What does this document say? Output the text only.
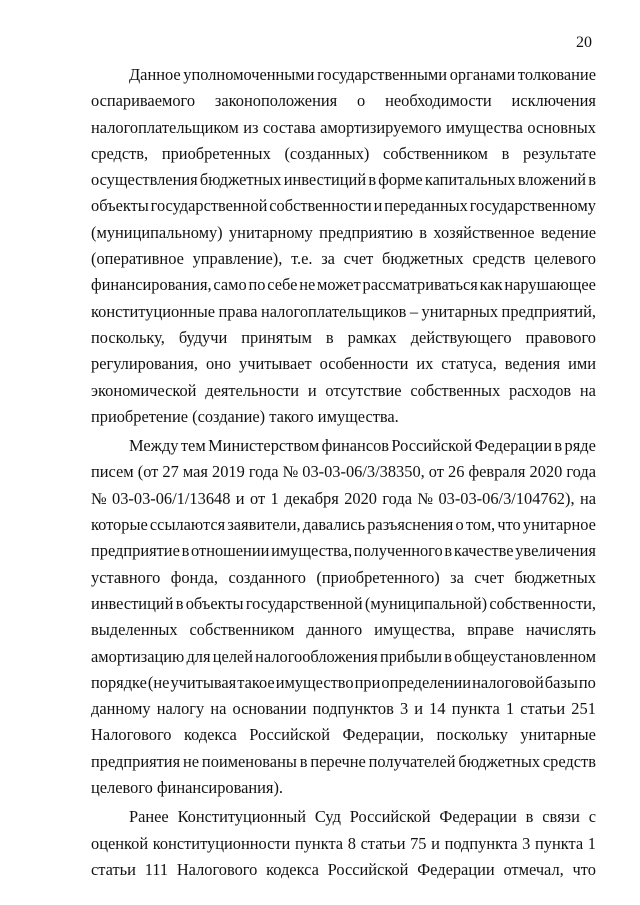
20
Данное уполномоченными государственными органами толкование
оспариваемого законоположения о необходимости исключения
налогоплательщиком из состава амортизируемого имущества основных
средств, приобретенных (созданных) собственником в результате
осуществления бюджетных инвестиций в форме капитальных вложений в
объекты государственной собственности и переданных государственному
(муниципальному) унитарному предприятию в хозяйственное ведение
(оперативное управление), т.е. за счет бюджетных средств целевого
финансирования, само по себе не может рассматриваться как нарушающее
конституционные права налогоплательщиков – унитарных предприятий,
поскольку, будучи принятым в рамках действующего правового
регулирования, оно учитывает особенности их статуса, ведения ими
экономической деятельности и отсутствие собственных расходов на
приобретение (создание) такого имущества.
Между тем Министерством финансов Российской Федерации в ряде
писем (от 27 мая 2019 года № 03-03-06/3/38350, от 26 февраля 2020 года
№ 03-03-06/1/13648 и от 1 декабря 2020 года № 03-03-06/3/104762), на
которые ссылаются заявители, давались разъяснения о том, что унитарное
предприятие в отношении имущества, полученного в качестве увеличения
уставного фонда, созданного (приобретенного) за счет бюджетных
инвестиций в объекты государственной (муниципальной) собственности,
выделенных собственником данного имущества, вправе начислять
амортизацию для целей налогообложения прибыли в общеустановленном
порядке (не учитывая такое имущество при определении налоговой базы по
данному налогу на основании подпунктов 3 и 14 пункта 1 статьи 251
Налогового кодекса Российской Федерации, поскольку унитарные
предприятия не поименованы в перечне получателей бюджетных средств
целевого финансирования).
Ранее Конституционный Суд Российской Федерации в связи с
оценкой конституционности пункта 8 статьи 75 и подпункта 3 пункта 1
статьи 111 Налогового кодекса Российской Федерации отмечал, что
